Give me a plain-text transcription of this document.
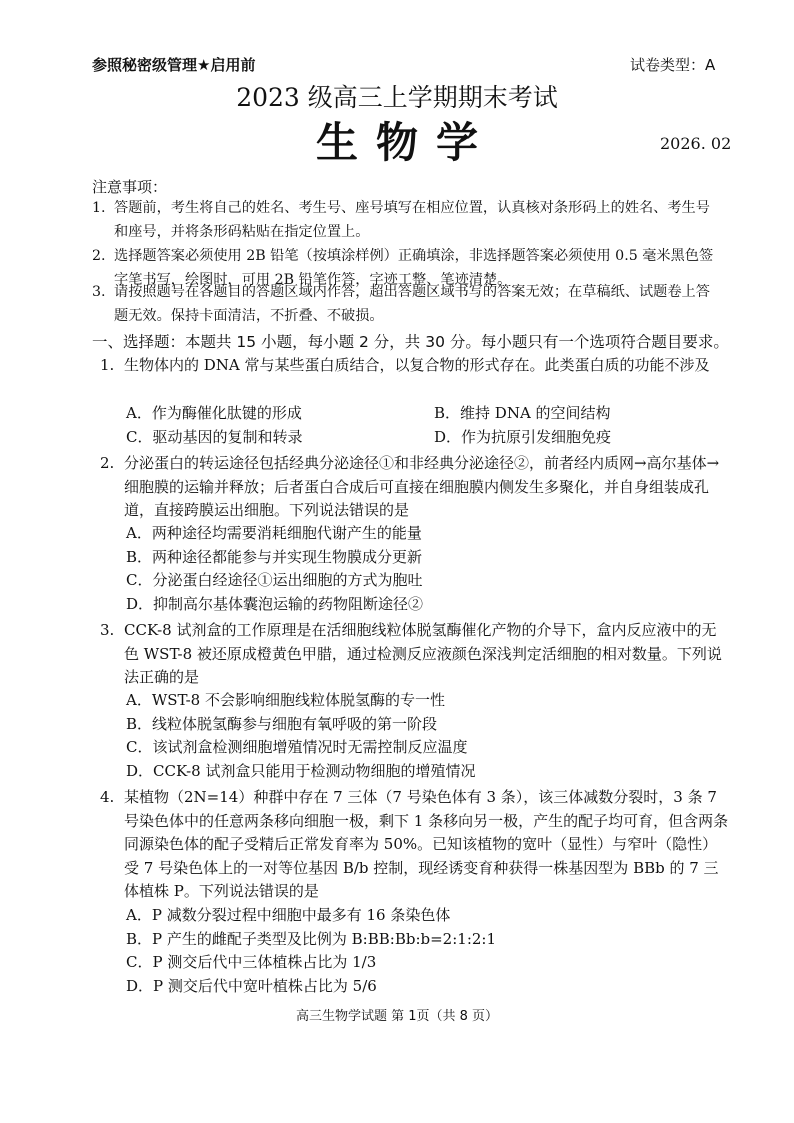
参照秘密级管理★启用前	试卷类型：A
2023 级高三上学期期末考试
生物学	2026. 02
注意事项：
1. 答题前，考生将自己的姓名、考生号、座号填写在相应位置，认真核对条形码上的姓名、考生号和座号，并将条形码粘贴在指定位置上。
2. 选择题答案必须使用 2B 铅笔（按填涂样例）正确填涂，非选择题答案必须使用 0.5 毫米黑色签字笔书写，绘图时，可用 2B 铅笔作答，字迹工整、笔迹清楚。
3. 请按照题号在各题目的答题区域内作答，超出答题区域书写的答案无效；在草稿纸、试题卷上答题无效。保持卡面清洁，不折叠、不破损。
一、选择题：本题共 15 小题，每小题 2 分，共 30 分。每小题只有一个选项符合题目要求。
1. 生物体内的 DNA 常与某些蛋白质结合，以复合物的形式存在。此类蛋白质的功能不涉及
A．作为酶催化肽键的形成	B．维持 DNA 的空间结构
C．驱动基因的复制和转录	D．作为抗原引发细胞免疫
2. 分泌蛋白的转运途径包括经典分泌途径①和非经典分泌途径②，前者经内质网→高尔基体→细胞膜的运输并释放；后者蛋白合成后可直接在细胞膜内侧发生多聚化，并自身组装成孔道，直接跨膜运出细胞。下列说法错误的是
A．两种途径均需要消耗细胞代谢产生的能量
B．两种途径都能参与并实现生物膜成分更新
C．分泌蛋白经途径①运出细胞的方式为胞吐
D．抑制高尔基体囊泡运输的药物阻断途径②
3. CCK-8 试剂盒的工作原理是在活细胞线粒体脱氢酶催化产物的介导下，盒内反应液中的无色 WST-8 被还原成橙黄色甲腊，通过检测反应液颜色深浅判定活细胞的相对数量。下列说法正确的是
A．WST-8 不会影响细胞线粒体脱氢酶的专一性
B．线粒体脱氢酶参与细胞有氧呼吸的第一阶段
C．该试剂盒检测细胞增殖情况时无需控制反应温度
D．CCK-8 试剂盒只能用于检测动物细胞的增殖情况
4. 某植物（2N=14）种群中存在 7 三体（7 号染色体有 3 条），该三体减数分裂时，3 条 7 号染色体中的任意两条移向细胞一极，剩下 1 条移向另一极，产生的配子均可育，但含两条同源染色体的配子受精后正常发育率为 50%。已知该植物的宽叶（显性）与窄叶（隐性）受 7 号染色体上的一对等位基因 B/b 控制，现经诱变育种获得一株基因型为 BBb 的 7 三体植株 P。下列说法错误的是
A．P 减数分裂过程中细胞中最多有 16 条染色体
B．P 产生的雌配子类型及比例为 B:BB:Bb:b=2:1:2:1
C．P 测交后代中三体植株占比为 1/3
D．P 测交后代中宽叶植株占比为 5/6
高三生物学试题 第 1页（共 8 页）
